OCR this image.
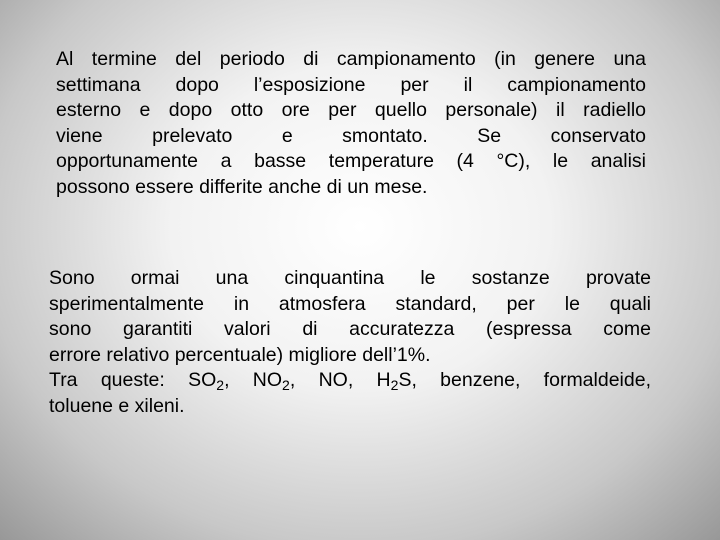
Al termine del periodo di campionamento (in genere una
settimana dopo l’esposizione per il campionamento
esterno e dopo otto ore per quello personale) il radiello
viene prelevato e smontato. Se conservato
opportunamente a basse temperature (4 °C), le analisi
possono essere differite anche di un mese.
Sono ormai una cinquantina le sostanze provate
sperimentalmente in atmosfera standard, per le quali
sono garantiti valori di accuratezza (espressa come
errore relativo percentuale) migliore dell’1%.
Tra queste: $SO_2$, $NO_2$, NO, $H_2S$, benzene, formaldeide,
toluene e xileni.
